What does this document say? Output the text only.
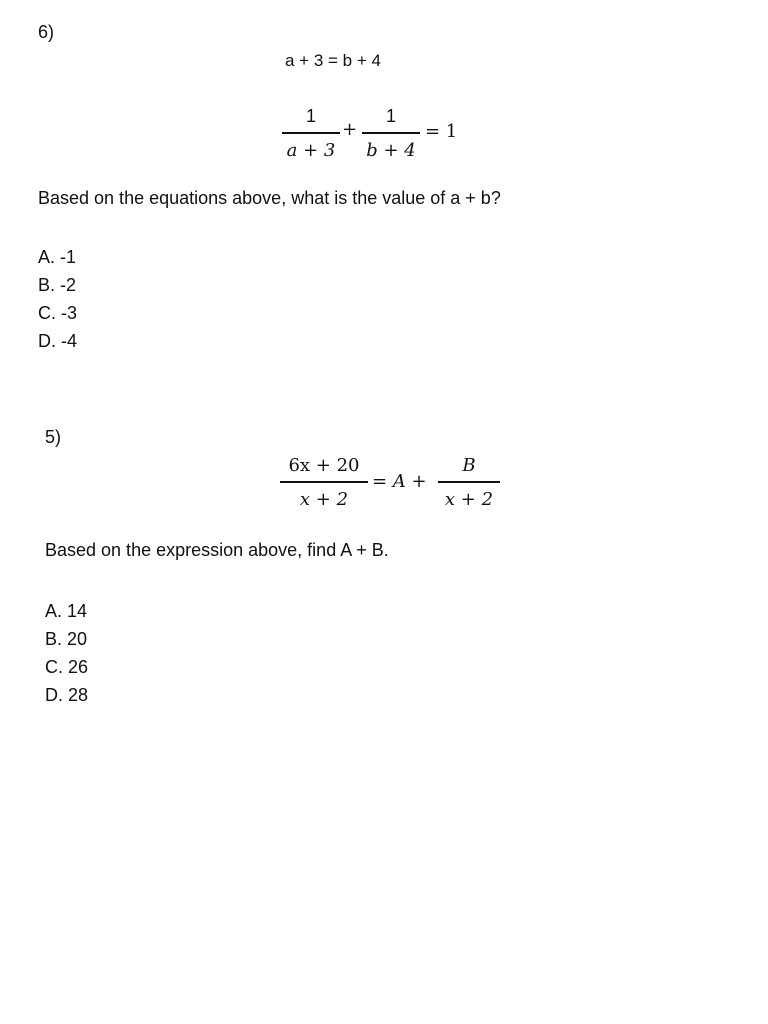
6)
a + 3 = b + 4
1
a + 3
+
1
b + 4
= 1
Based on the equations above, what is the value of a + b?
A. -1
B. -2
C. -3
D. -4
5)
6x + 20
x + 2
= A +
B
x + 2
Based on the expression above, find A + B.
A. 14
B. 20
C. 26
D. 28
